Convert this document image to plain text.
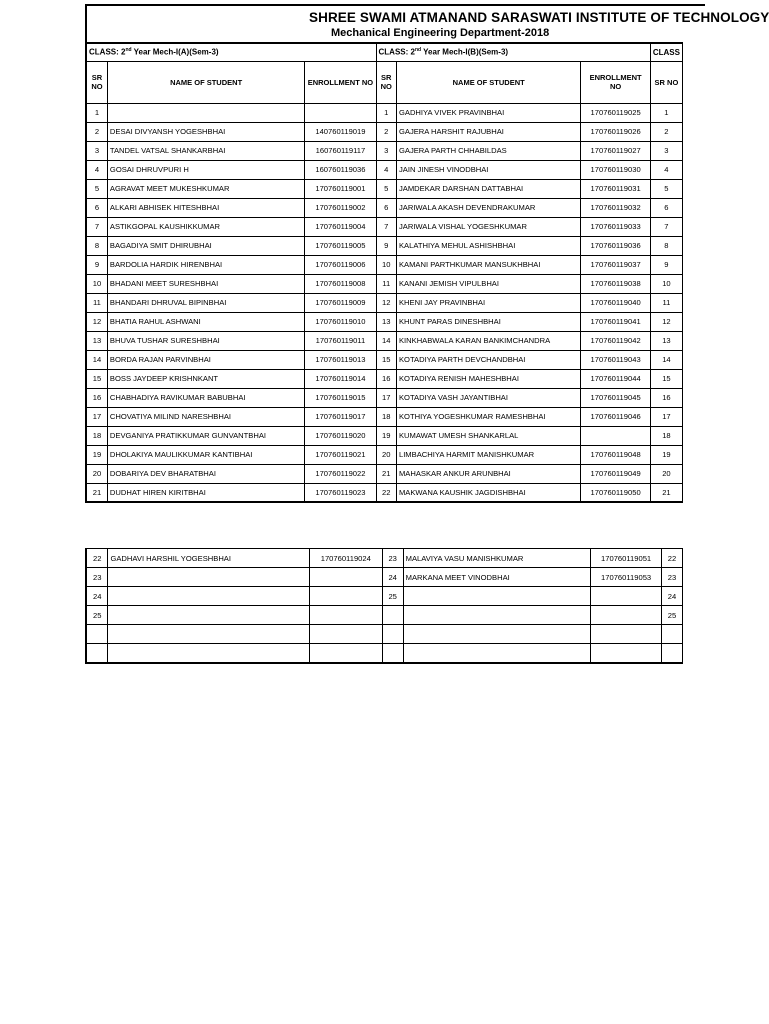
SHREE SWAMI ATMANAND SARASWATI INSTITUTE OF TECHNOLOGY
Mechanical Engineering Department-2018
CLASS: 2nd Year Mech-I(A)(Sem-3)			CLASS: 2nd Year Mech-I(B)(Sem-3)			CLASS
SR NO	NAME OF STUDENT	ENROLLMENT NO	SR NO	NAME OF STUDENT	ENROLLMENT NO	SR NO
1			1	GADHIYA VIVEK PRAVINBHAI	170760119025	1
2	DESAI DIVYANSH YOGESHBHAI	140760119019	2	GAJERA HARSHIT RAJUBHAI	170760119026	2
3	TANDEL VATSAL SHANKARBHAI	160760119117	3	GAJERA PARTH CHHABILDAS	170760119027	3
4	GOSAI DHRUVPURI H	160760119036	4	JAIN JINESH VINODBHAI	170760119030	4
5	AGRAVAT MEET MUKESHKUMAR	170760119001	5	JAMDEKAR DARSHAN DATTABHAI	170760119031	5
6	ALKARI ABHISEK HITESHBHAI	170760119002	6	JARIWALA AKASH DEVENDRAKUMAR	170760119032	6
7	ASTIKGOPAL KAUSHIKKUMAR	170760119004	7	JARIWALA VISHAL YOGESHKUMAR	170760119033	7
8	BAGADIYA SMIT DHIRUBHAI	170760119005	9	KALATHIYA MEHUL ASHISHBHAI	170760119036	8
9	BARDOLIA HARDIK HIRENBHAI	170760119006	10	KAMANI PARTHKUMAR MANSUKHBHAI	170760119037	9
10	BHADANI MEET SURESHBHAI	170760119008	11	KANANI JEMISH VIPULBHAI	170760119038	10
11	BHANDARI DHRUVAL BIPINBHAI	170760119009	12	KHENI JAY PRAVINBHAI	170760119040	11
12	BHATIA RAHUL ASHWANI	170760119010	13	KHUNT PARAS DINESHBHAI	170760119041	12
13	BHUVA TUSHAR SURESHBHAI	170760119011	14	KINKHABWALA KARAN BANKIMCHANDRA	170760119042	13
14	BORDA RAJAN PARVINBHAI	170760119013	15	KOTADIYA PARTH DEVCHANDBHAI	170760119043	14
15	BOSS JAYDEEP KRISHNKANT	170760119014	16	KOTADIYA RENISH MAHESHBHAI	170760119044	15
16	CHABHADIYA RAVIKUMAR BABUBHAI	170760119015	17	KOTADIYA VASH JAYANTIBHAI	170760119045	16
17	CHOVATIYA MILIND NARESHBHAI	170760119017	18	KOTHIYA YOGESHKUMAR RAMESHBHAI	170760119046	17
18	DEVGANIYA PRATIKKUMAR GUNVANTBHAI	170760119020	19	KUMAWAT UMESH SHANKARLAL		18
19	DHOLAKIYA MAULIKKUMAR KANTIBHAI	170760119021	20	LIMBACHIYA HARMIT MANISHKUMAR	170760119048	19
20	DOBARIYA DEV BHARATBHAI	170760119022	21	MAHASKAR ANKUR ARUNBHAI	170760119049	20
21	DUDHAT HIREN KIRITBHAI	170760119023	22	MAKWANA KAUSHIK JAGDISHBHAI	170760119050	21
22	GADHAVI HARSHIL YOGESHBHAI	170760119024	23	MALAVIYA VASU MANISHKUMAR	170760119051	22
23			24	MARKANA MEET VINODBHAI	170760119053	23
24			25			24
25						25
